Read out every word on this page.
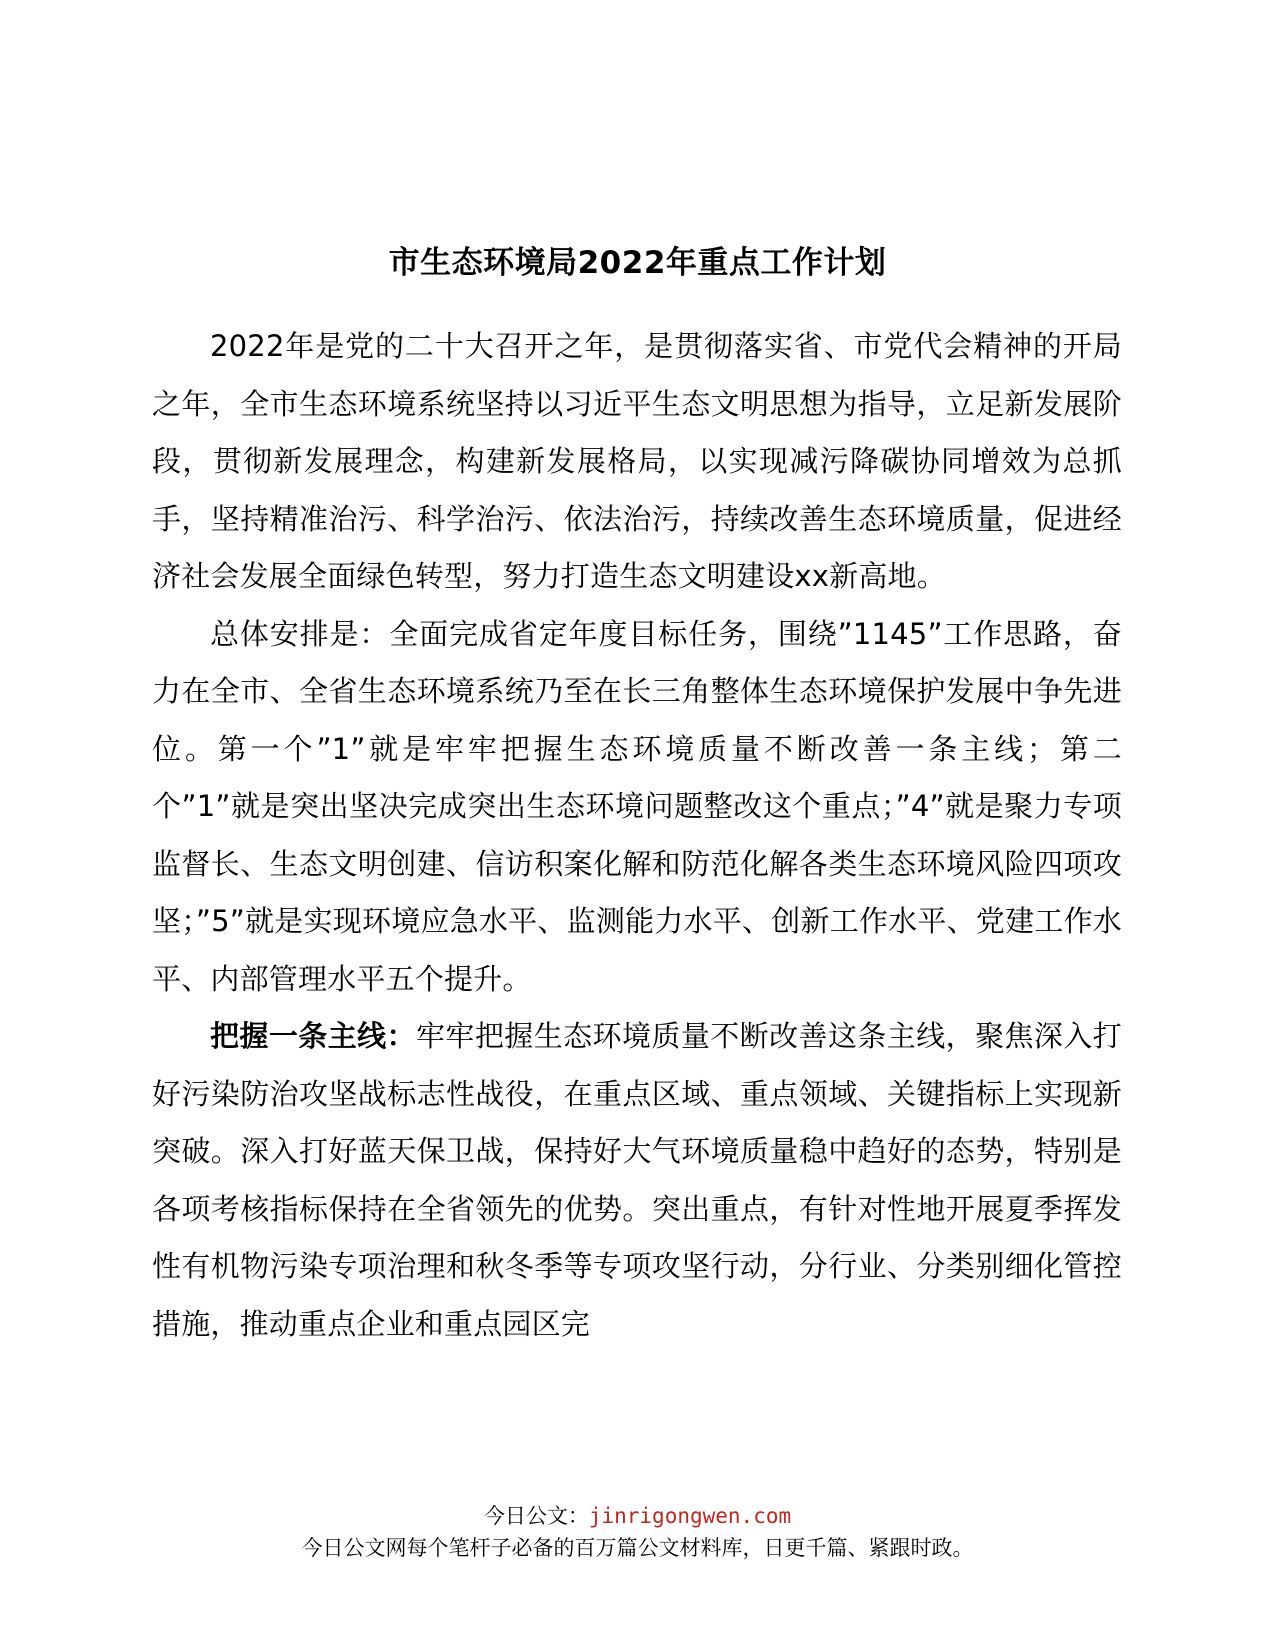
市生态环境局2022年重点工作计划

2022年是党的二十大召开之年，是贯彻落实省、市党代会精神的开局之年，全市生态环境系统坚持以习近平生态文明思想为指导，立足新发展阶段，贯彻新发展理念，构建新发展格局，以实现减污降碳协同增效为总抓手，坚持精准治污、科学治污、依法治污，持续改善生态环境质量，促进经济社会发展全面绿色转型，努力打造生态文明建设xx新高地。

总体安排是：全面完成省定年度目标任务，围绕”1145”工作思路，奋力在全市、全省生态环境系统乃至在长三角整体生态环境保护发展中争先进位。第一个”1”就是牢牢把握生态环境质量不断改善一条主线；第二个”1”就是突出坚决完成突出生态环境问题整改这个重点；”4”就是聚力专项监督长、生态文明创建、信访积案化解和防范化解各类生态环境风险四项攻坚；”5”就是实现环境应急水平、监测能力水平、创新工作水平、党建工作水平、内部管理水平五个提升。

把握一条主线：牢牢把握生态环境质量不断改善这条主线，聚焦深入打好污染防治攻坚战标志性战役，在重点区域、重点领域、关键指标上实现新突破。深入打好蓝天保卫战，保持好大气环境质量稳中趋好的态势，特别是各项考核指标保持在全省领先的优势。突出重点，有针对性地开展夏季挥发性有机物污染专项治理和秋冬季等专项攻坚行动，分行业、分类别细化管控措施，推动重点企业和重点园区完

今日公文：jinrigongwen.com
今日公文网每个笔杆子必备的百万篇公文材料库，日更千篇、紧跟时政。
